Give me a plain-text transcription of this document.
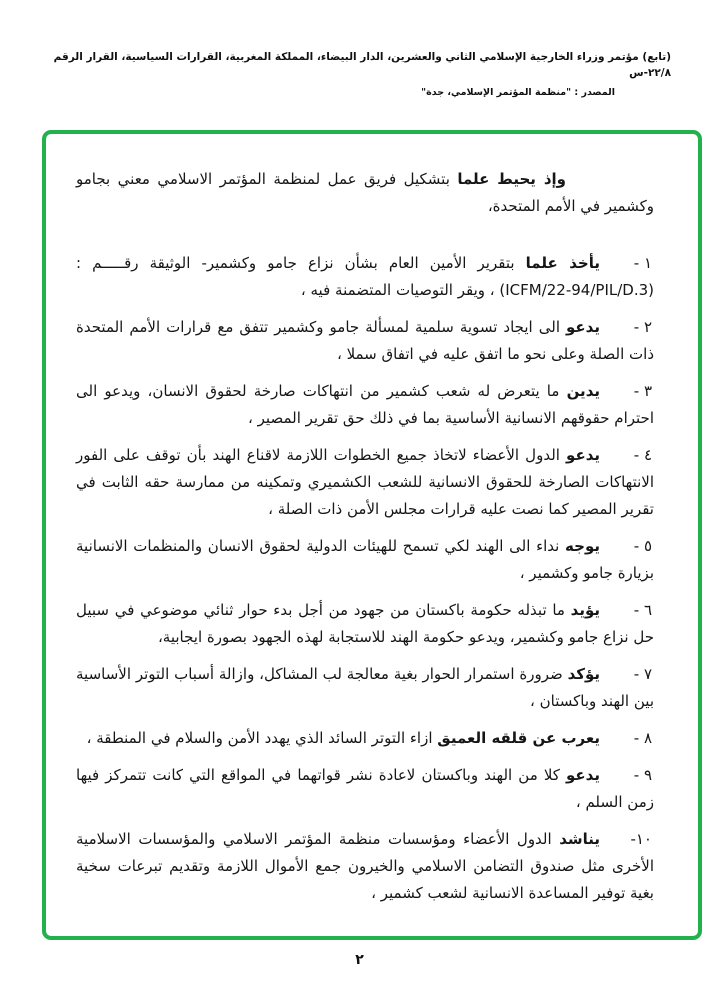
(تابع) مؤتمر وزراء الخارجية الإسلامي الثاني والعشرين، الدار البيضاء، المملكة المغربية، القرارات السياسية، القرار الرقم ٢٢/٨-س
المصدر : "منظمة المؤتمر الإسلامي، جدة"

وإذ يحيط علما بتشكيل فريق عمل لمنظمة المؤتمر الاسلامي معني بجامو وكشمير في الأمم المتحدة،

١ -

يأخذ علما بتقرير الأمين العام بشأن نزاع جامو وكشمير- الوثيقة رقـــــم : (ICFM/22-94/PIL/D.3) ، ويقر التوصيات المتضمنة فيه ،

٢ -

يدعو الى ايجاد تسوية سلمية لمسألة جامو وكشمير تتفق مع قرارات الأمم المتحدة ذات الصلة وعلى نحو ما اتفق عليه في اتفاق سملا ،

٣ -

يدين ما يتعرض له شعب كشمير من انتهاكات صارخة لحقوق الانسان، ويدعو الى احترام حقوقهم الانسانية الأساسية بما في ذلك حق تقرير المصير ،

٤ -

يدعو الدول الأعضاء لاتخاذ جميع الخطوات اللازمة لاقناع الهند بأن توقف على الفور الانتهاكات الصارخة للحقوق الانسانية للشعب الكشميري وتمكينه من ممارسة حقه الثابت في تقرير المصير كما نصت عليه قرارات مجلس الأمن ذات الصلة ،

٥ -

يوجه نداء الى الهند لكي تسمح للهيئات الدولية لحقوق الانسان والمنظمات الانسانية بزيارة جامو وكشمير ،

٦ -

يؤيد ما تبذله حكومة باكستان من جهود من أجل بدء حوار ثنائي موضوعي في سبيل حل نزاع جامو وكشمير، ويدعو حكومة الهند للاستجابة لهذه الجهود بصورة ايجابية،

٧ -

يؤكد ضرورة استمرار الحوار بغية معالجة لب المشاكل، وازالة أسباب التوتر الأساسية بين الهند وباكستان ،

٨ -

يعرب عن قلقه العميق ازاء التوتر السائد الذي يهدد الأمن والسلام في المنطقة ،

٩ -

يدعو كلا من الهند وباكستان لاعادة نشر قواتهما في المواقع التي كانت تتمركز فيها زمن السلم ،

١٠-

يناشد الدول الأعضاء ومؤسسات منظمة المؤتمر الاسلامي والمؤسسات الاسلامية الأخرى مثل صندوق التضامن الاسلامي والخيرون جمع الأموال اللازمة وتقديم تبرعات سخية بغية توفير المساعدة الانسانية لشعب كشمير ،

٢
